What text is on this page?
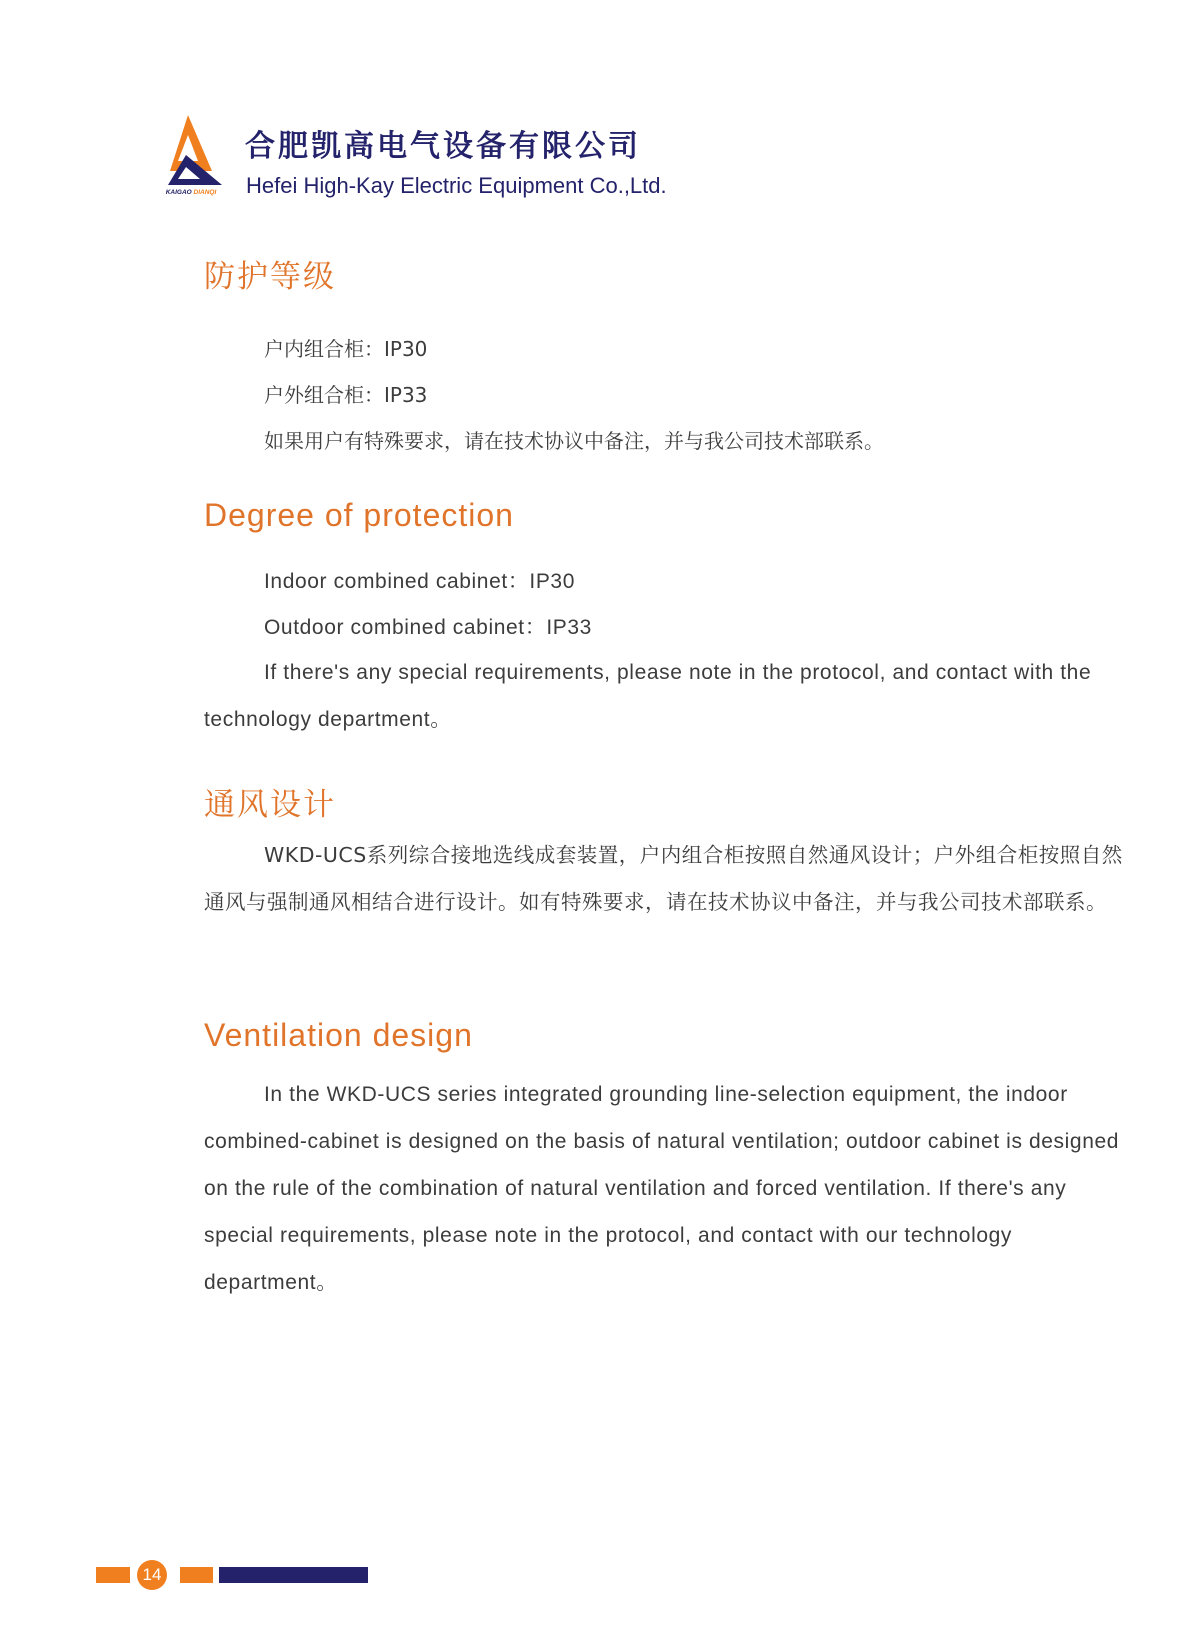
KAIGAO DIANQI
合肥凯高电气设备有限公司
Hefei High-Kay Electric Equipment Co.,Ltd.
防护等级
户内组合柜：IP30
户外组合柜：IP33
如果用户有特殊要求，请在技术协议中备注，并与我公司技术部联系。
Degree of protection
Indoor combined cabinet：IP30
Outdoor combined cabinet：IP33

If there's any special requirements, please note in the protocol, and contact with the technology department。

通风设计

WKD-UCS系列综合接地选线成套装置，户内组合柜按照自然通风设计；户外组合柜按照自然通风与强制通风相结合进行设计。如有特殊要求，请在技术协议中备注，并与我公司技术部联系。

Ventilation design

In the WKD-UCS series integrated grounding line-selection equipment, the indoor combined-cabinet is designed on the basis of natural ventilation; outdoor cabinet is designed on the rule of the combination of natural ventilation and forced ventilation. If there's any special requirements, please note in the protocol, and contact with our technology department。

14
